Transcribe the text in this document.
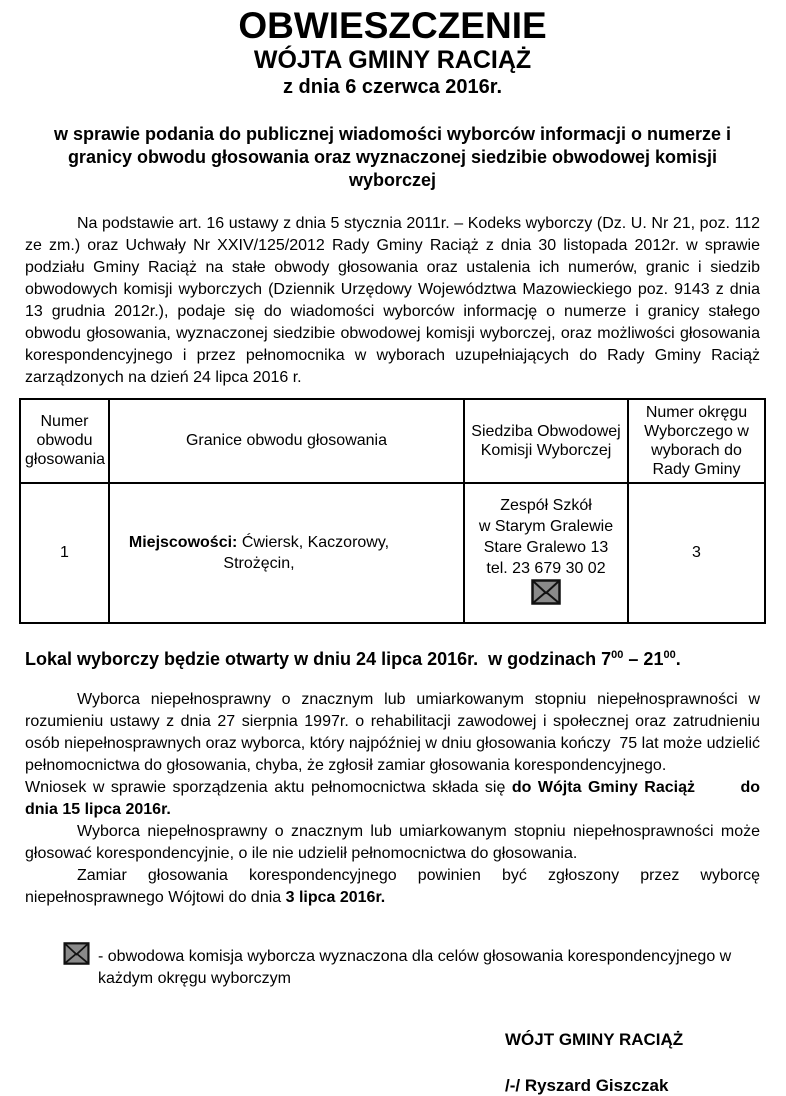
OBWIESZCZENIE
WÓJTA GMINY RACIĄŻ
z dnia 6 czerwca 2016r.

w sprawie podania do publicznej wiadomości wyborców informacji o numerze i granicy obwodu głosowania oraz wyznaczonej siedzibie obwodowej komisji wyborczej

Na podstawie art. 16 ustawy z dnia 5 stycznia 2011r. – Kodeks wyborczy (Dz. U. Nr 21, poz. 112 ze zm.) oraz Uchwały Nr XXIV/125/2012 Rady Gminy Raciąż z dnia 30 listopada 2012r. w sprawie podziału Gminy Raciąż na stałe obwody głosowania oraz ustalenia ich numerów, granic i siedzib obwodowych komisji wyborczych (Dziennik Urzędowy Województwa Mazowieckiego poz. 9143 z dnia 13 grudnia 2012r.), podaje się do wiadomości wyborców informację o numerze i granicy stałego obwodu głosowania, wyznaczonej siedzibie obwodowej komisji wyborczej, oraz możliwości głosowania korespondencyjnego i przez pełnomocnika w wyborach uzupełniających do Rady Gminy Raciąż zarządzonych na dzień 24 lipca 2016 r.

Numer obwodu głosowania	Granice obwodu głosowania	Siedziba Obwodowej Komisji Wyborczej	Numer okręgu Wyborczego w wyborach do Rady Gminy
1	Miejscowości: Ćwiersk, Kaczorowy, Strożęcin,	Zespół Szkół
w Starym Gralewie
Stare Gralewo 13
tel. 23 679 30 02	3

Lokal wyborczy będzie otwarty w dniu 24 lipca 2016r.  w godzinach $7^{00} - 21^{00}$.

Wyborca niepełnosprawny o znacznym lub umiarkowanym stopniu niepełnosprawności w rozumieniu ustawy z dnia 27 sierpnia 1997r. o rehabilitacji zawodowej i społecznej oraz zatrudnieniu osób niepełnosprawnych oraz wyborca, który najpóźniej w dniu głosowania kończy  75 lat może udzielić pełnomocnictwa do głosowania, chyba, że zgłosił zamiar głosowania korespondencyjnego.

Wniosek w sprawie sporządzenia aktu pełnomocnictwa składa się do Wójta Gminy Raciąż       do dnia 15 lipca 2016r.

Wyborca niepełnosprawny o znacznym lub umiarkowanym stopniu niepełnosprawności może głosować korespondencyjnie, o ile nie udzielił pełnomocnictwa do głosowania.

Zamiar głosowania korespondencyjnego powinien być zgłoszony przez wyborcę niepełnosprawnego Wójtowi do dnia 3 lipca 2016r.

- obwodowa komisja wyborcza wyznaczona dla celów głosowania korespondencyjnego w każdym okręgu wyborczym
WÓJT GMINY RACIĄŻ
/-/ Ryszard Giszczak
